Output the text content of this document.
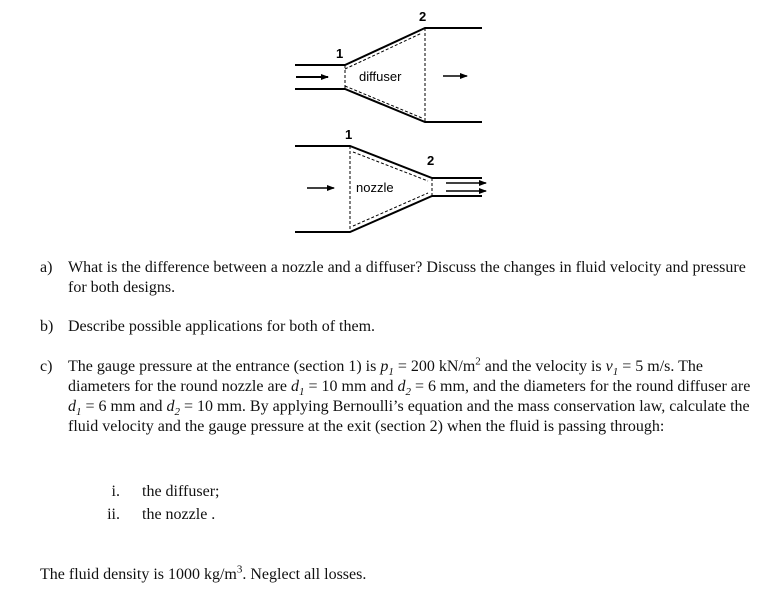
1
2
diffuser
1
2
nozzle
a) What is the difference between a nozzle and a diffuser? Discuss the changes in fluid velocity and pressure for both designs.
b) Describe possible applications for both of them.
c) The gauge pressure at the entrance (section 1) is $p_1 = 200$ $kN/m^2$ and the velocity is $v_1 = 5$ m/s. The diameters for the round nozzle are $d_1 = 10$ mm and $d_2 = 6$ mm, and the diameters for the round diffuser are $d_1 = 6$ mm and $d_2 = 10$ mm. By applying Bernoulli’s equation and the mass conservation law, calculate the fluid velocity and the gauge pressure at the exit (section 2) when the fluid is passing through:
i. the diffuser;
ii. the nozzle .
The fluid density is 1000 $kg/m^3$. Neglect all losses.
